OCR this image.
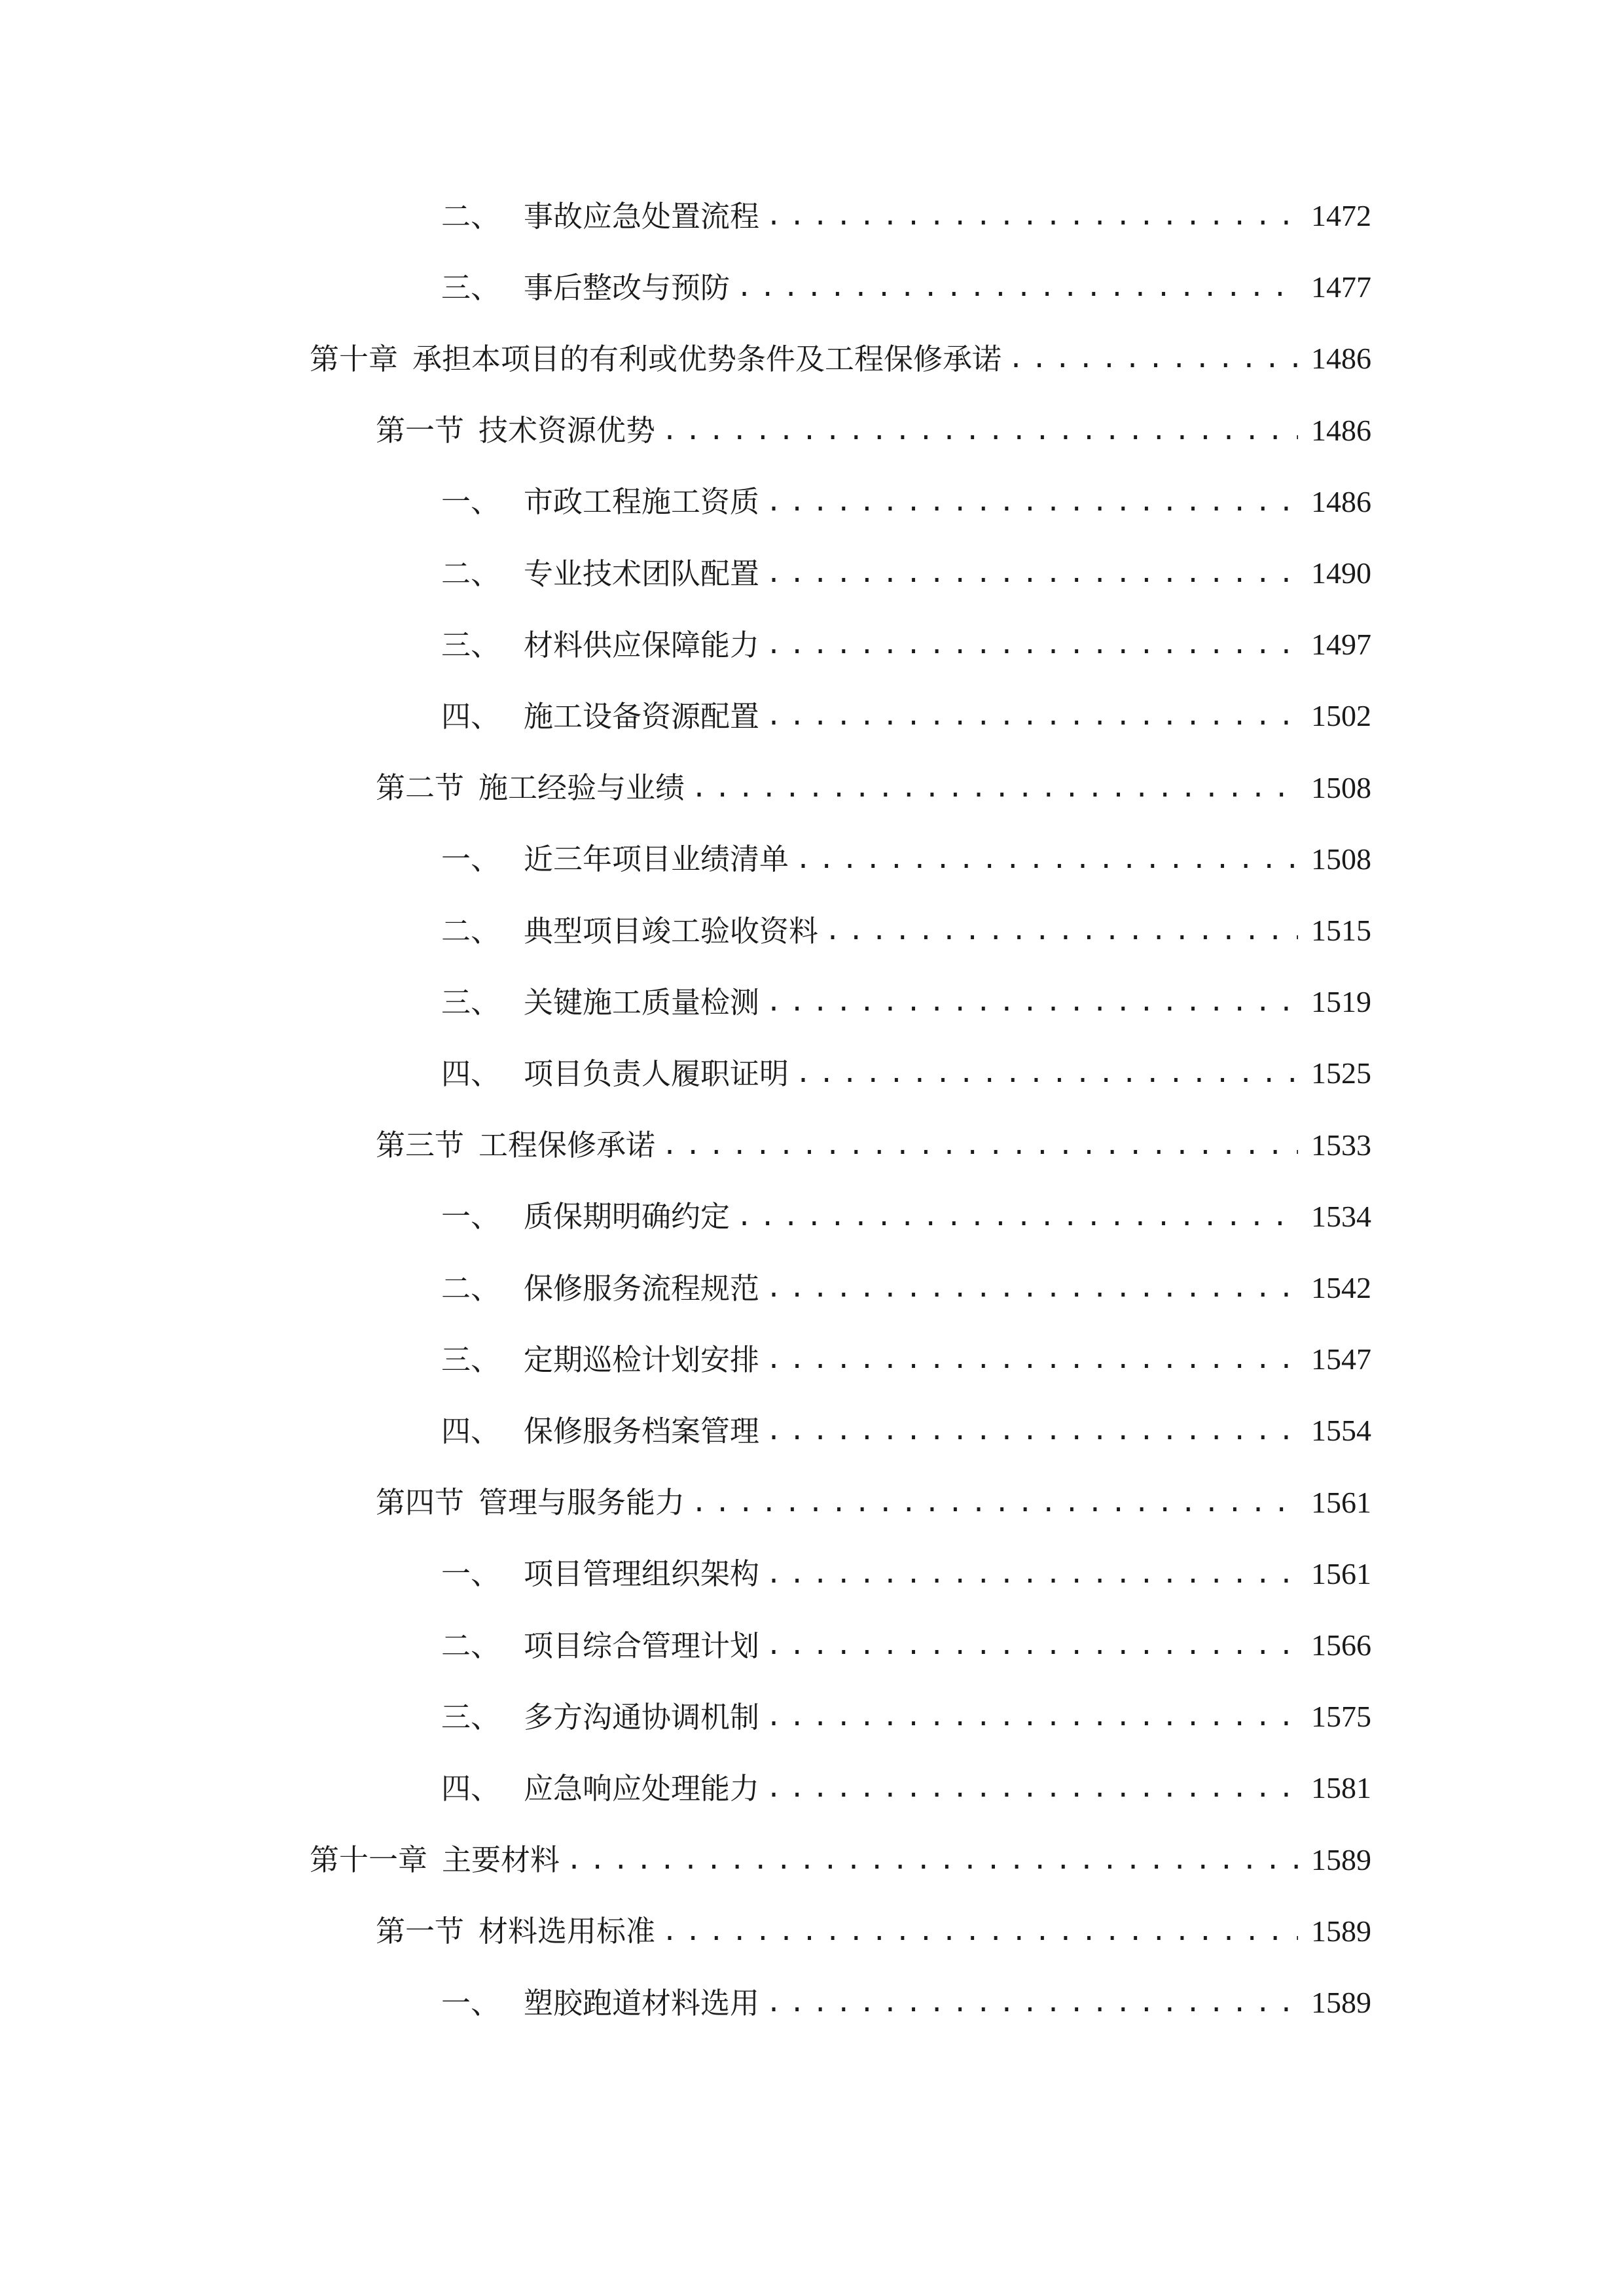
二、 事故应急处置流程 .....	1472
三、 事后整改与预防 .....	1477
第十章 承担本项目的有利或优势条件及工程保修承诺 .....	1486
第一节 技术资源优势 .....	1486
一、 市政工程施工资质 .....	1486
二、 专业技术团队配置 .....	1490
三、 材料供应保障能力 .....	1497
四、 施工设备资源配置 .....	1502
第二节 施工经验与业绩 .....	1508
一、 近三年项目业绩清单 .....	1508
二、 典型项目竣工验收资料 .....	1515
三、 关键施工质量检测 .....	1519
四、 项目负责人履职证明 .....	1525
第三节 工程保修承诺 .....	1533
一、 质保期明确约定 .....	1534
二、 保修服务流程规范 .....	1542
三、 定期巡检计划安排 .....	1547
四、 保修服务档案管理 .....	1554
第四节 管理与服务能力 .....	1561
一、 项目管理组织架构 .....	1561
二、 项目综合管理计划 .....	1566
三、 多方沟通协调机制 .....	1575
四、 应急响应处理能力 .....	1581
第十一章 主要材料 .....	1589
第一节 材料选用标准 .....	1589
一、 塑胶跑道材料选用 .....	1589
